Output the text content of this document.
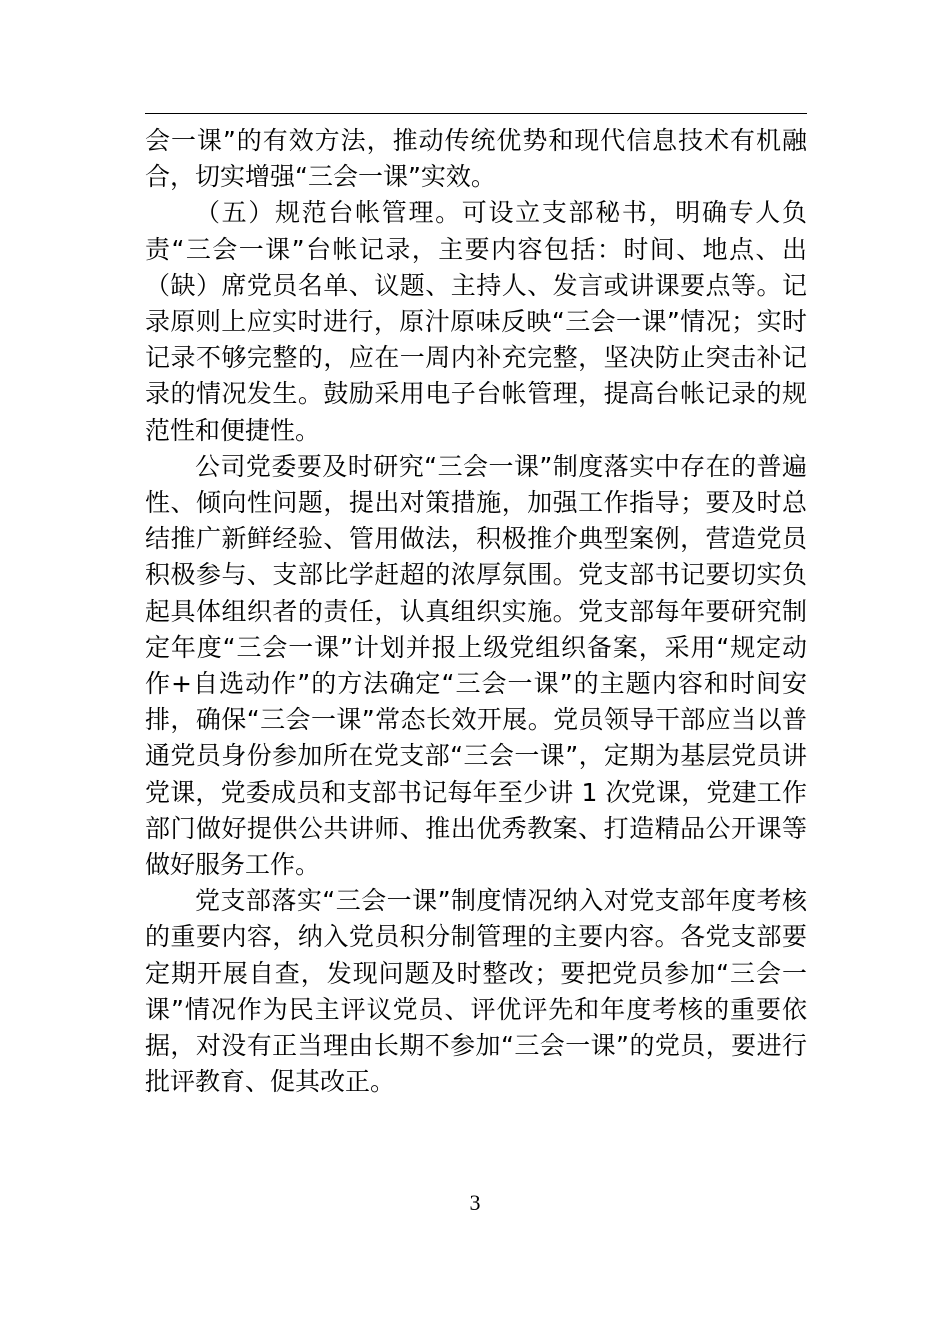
会一课”的有效方法，推动传统优势和现代信息技术有机融合，切实增强“三会一课”实效。

（五）规范台帐管理。可设立支部秘书，明确专人负责“三会一课”台帐记录，主要内容包括：时间、地点、出（缺）席党员名单、议题、主持人、发言或讲课要点等。记录原则上应实时进行，原汁原味反映“三会一课”情况；实时记录不够完整的，应在一周内补充完整，坚决防止突击补记录的情况发生。鼓励采用电子台帐管理，提高台帐记录的规范性和便捷性。

公司党委要及时研究“三会一课”制度落实中存在的普遍性、倾向性问题，提出对策措施，加强工作指导；要及时总结推广新鲜经验、管用做法，积极推介典型案例，营造党员积极参与、支部比学赶超的浓厚氛围。党支部书记要切实负起具体组织者的责任，认真组织实施。党支部每年要研究制定年度“三会一课”计划并报上级党组织备案，采用“规定动作+自选动作”的方法确定“三会一课”的主题内容和时间安排，确保“三会一课”常态长效开展。党员领导干部应当以普通党员身份参加所在党支部“三会一课”，定期为基层党员讲党课，党委成员和支部书记每年至少讲 1 次党课，党建工作部门做好提供公共讲师、推出优秀教案、打造精品公开课等做好服务工作。

党支部落实“三会一课”制度情况纳入对党支部年度考核的重要内容，纳入党员积分制管理的主要内容。各党支部要定期开展自查，发现问题及时整改；要把党员参加“三会一课”情况作为民主评议党员、评优评先和年度考核的重要依据，对没有正当理由长期不参加“三会一课”的党员，要进行批评教育、促其改正。

3
